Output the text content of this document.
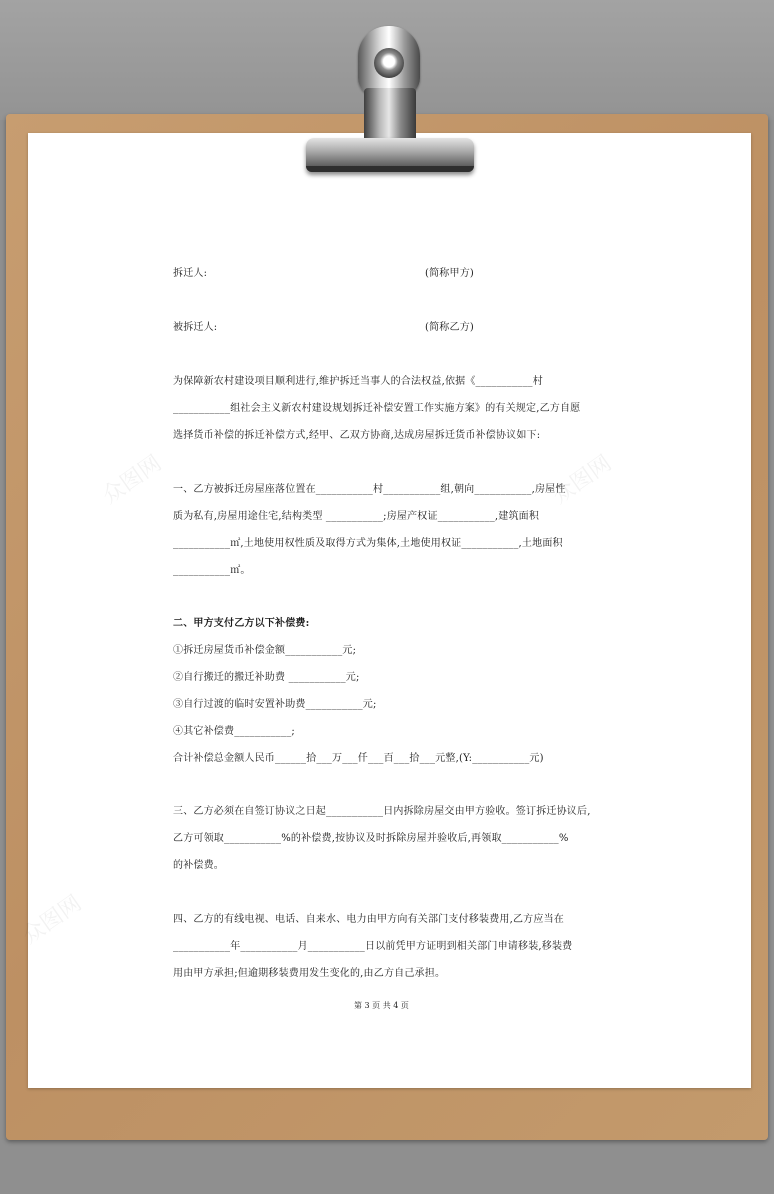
众图网	众图网
众图网
拆迁人:	(简称甲方)
被拆迁人:	(简称乙方)
为保障新农村建设项目顺利进行,维护拆迁当事人的合法权益,依据《___________村
___________组社会主义新农村建设规划拆迁补偿安置工作实施方案》的有关规定,乙方自愿
选择货币补偿的拆迁补偿方式,经甲、乙双方协商,达成房屋拆迁货币补偿协议如下:
一、乙方被拆迁房屋座落位置在___________村___________组,朝向___________,房屋性
质为私有,房屋用途住宅,结构类型 ___________;房屋产权证___________,建筑面积
___________㎡,土地使用权性质及取得方式为集体,土地使用权证___________,土地面积
___________㎡。
二、甲方支付乙方以下补偿费:
①拆迁房屋货币补偿金额___________元;
②自行搬迁的搬迁补助费 ___________元;
③自行过渡的临时安置补助费___________元;
④其它补偿费___________;
合计补偿总金额人民币______拾___万___仟___百___拾___元整,(Y:___________元)
三、乙方必须在自签订协议之日起___________日内拆除房屋交由甲方验收。签订拆迁协议后,
乙方可领取___________%的补偿费,按协议及时拆除房屋并验收后,再领取___________%
的补偿费。
四、乙方的有线电视、电话、自来水、电力由甲方向有关部门支付移装费用,乙方应当在
___________年___________月___________日以前凭甲方证明到相关部门申请移装,移装费
用由甲方承担;但逾期移装费用发生变化的,由乙方自己承担。
第 3 页 共 4 页
